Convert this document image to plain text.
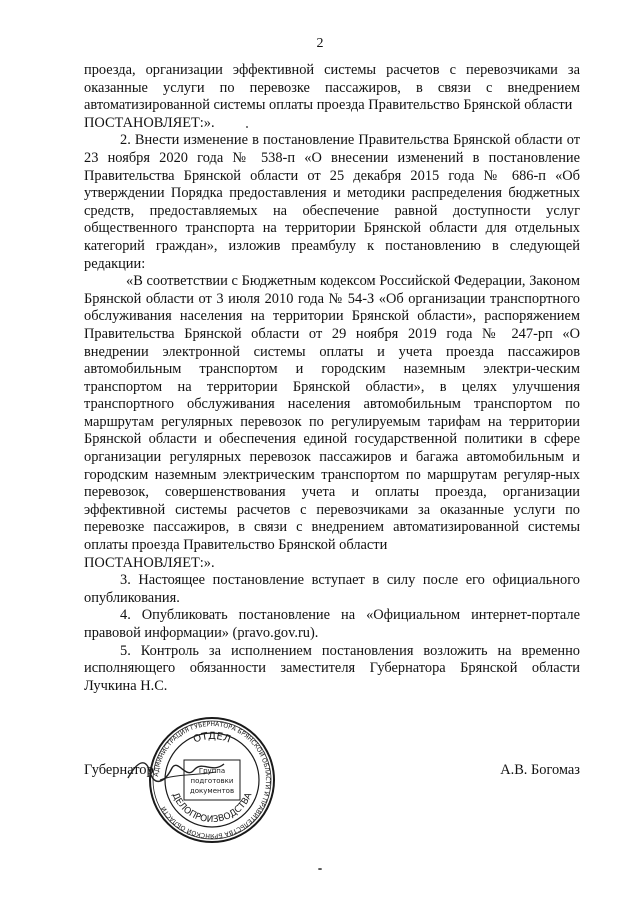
2

проезда, организации эффективной системы расчетов с перевозчиками за оказанные услуги по перевозке пассажиров, в связи с внедрением автоматизированной системы оплаты проезда Правительство Брянской области

ПОСТАНОВЛЯЕТ:».

2. Внести изменение в постановление Правительства Брянской области от 23 ноября 2020 года № 538-п «О внесении изменений в постановление Правительства Брянской области от 25 декабря 2015 года № 686-п «Об утверждении Порядка предоставления и методики распределения бюджетных средств, предоставляемых на обеспечение равной доступности услуг общественного транспорта на территории Брянской области для отдельных категорий граждан», изложив преамбулу к постановлению в следующей редакции:

«В соответствии с Бюджетным кодексом Российской Федерации, Законом Брянской области от 3 июля 2010 года № 54-З «Об организации транспортного обслуживания населения на территории Брянской области», распоряжением Правительства Брянской области от 29 ноября 2019 года № 247-рп «О внедрении электронной системы оплаты и учета проезда пассажиров автомобильным транспортом и городским наземным электри-ческим транспортом на территории Брянской области», в целях улучшения транспортного обслуживания населения автомобильным транспортом по маршрутам регулярных перевозок по регулируемым тарифам на территории Брянской области и обеспечения единой государственной политики в сфере организации регулярных перевозок пассажиров и багажа автомобильным и городским наземным электрическим транспортом по маршрутам регуляр-ных перевозок, совершенствования учета и оплаты проезда, организации эффективной системы расчетов с перевозчиками за оказанные услуги по перевозке пассажиров, в связи с внедрением автоматизированной системы оплаты проезда Правительство Брянской области

ПОСТАНОВЛЯЕТ:».

3. Настоящее постановление вступает в силу после его официального опубликования.

4. Опубликовать постановление на «Официальном интернет-портале правовой информации» (pravo.gov.ru).

5. Контроль за исполнением постановления возложить на временно исполняющего обязанности заместителя Губернатора Брянской области Лучкина Н.С.

Губернатор	А.В. Богомаз
АДМИНИСТРАЦИЯ ГУБЕРНАТОРА БРЯНСКОЙ ОБЛАСТИ И ПРАВИТЕЛЬСТВА БРЯНСКОЙ ОБЛАСТИ
ОТДЕЛ
ДЕЛОПРОИЗВОДСТВА
Группа
подготовки
документов
